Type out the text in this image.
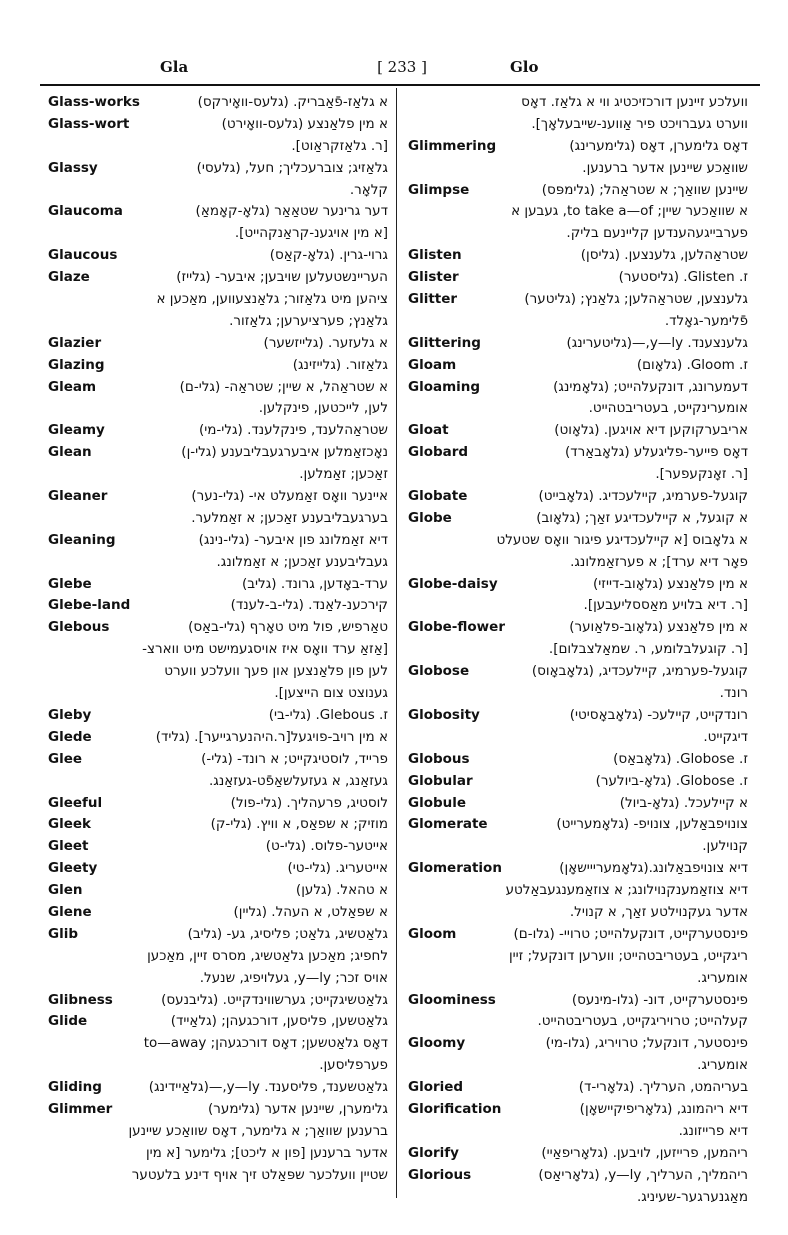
Gla	[ 233 ]	Glo
Glass-works	א גלאַז-פֿאַבריק. (גלעס-וואָירקס)
Glass-wort	א מין פלאַנצע (גלעס-וואָירט)
[ר. גלאַזקראַוט].
Glassy	גלאַזיג; צוברעכליך; חעל, (גלעסי)
קלאָר.
Glaucoma	דער גרינער שטאַאַר (גלאָ-קאָמאַ)
[א מין אויגענ-קראַנקהייט].
Glaucous	גרוי-גרין. (גלאָ-קאַס)
Glaze	העריינשטעלען שויבען; איבער- (גלייז)
ציהען מיט גלאַזור; גלאַנצעווען, מאַכען א
גלאַנץ; פערציערען; גלאַזור.
Glazier	א גלעזער. (גלייזשער)
Glazing	גלאַזור. (גלייזינג)
Gleam	א שטראַהל, א שיין; שטראַה- (גלי-ם)
לען, לייכטען, פינקלען.
Gleamy	שטראַהלענד, פינקלענד. (גלי-מי)
Glean	נאָכזאַמלען איבערגעבליבענע (גלי-ן)
זאַכען; זאַמלען.
Gleaner	איינער וואָס זאַמעלט אי- (גלי-נער)
בערגעבליבענע זאַכען; א זאַמלער.
Gleaning	דיא זאַמלונג פון איבער- (גלי-נינג)
געבליבענע זאַכען; א זאַמלונג.
Glebe	ערד-באָדען, גרונד. (גליב)
Glebe-land	קירכענ-לאַנד. (גלי-ב-לענד)
Glebous	טאַרפיש, פול מיט טאָרף (גלי-באַס)
[אַזאַ ערד וואָס איז אויסגעמישט מיט ווארצ-
לען פון פלאַנצען און פעך וועלכע ווערט
גענוצט צום הייצען].
Gleby	ז. Glebous. (גלי-בי)
Glede	א מין רויב-פויגעל[ר.היהנערגייער]. (גליד)
Glee	פרייד, לוסטיגקייט; א רונד- (גלי-)
געזאַנג, א געזעלשאַפֿט-געזאַנג.
Gleeful	לוסטיג, פרעהליך. (גלי-פול)
Gleek	מוזיק; א שפאַס, א וויץ. (גלי-ק)
Gleet	אייטער-פלוס. (גלי-ט)
Gleety	אייטעריג. (גלי-טי)
Glen	א טהאל. (גלען)
Glene	א שפּאַלט, א העהל. (גליין)
Glib	גלאַטשיג, גלאַט; פליסיג, גע- (גליב)
לחפיג; מאַכען גלאַטשיג, מסרס זיין, מאַכען
אויס זכר; y—ly, געלויפיג, שנעל.
Glibness	גלאַטשיגקייט; גערשווינדקייט. (גליבנעס)
Glide	גלאַטשען, פליסען, דורכגעהן; (גלאַייד)
דאָס גלאַטשען; דאָס דורכגעהן; to—away
פערפליסען.
Gliding	גלאַטשענד, פליסענד. y—ly,—(גלאַיידינג)
Glimmer	גלימערן, שיינען אדער (גלימער)
ברענען שוואַך; א גלימער, דאָס שוואַכע שיינען
אדער ברענען [פון א ליכט]; גלימער [א מין
שטיין וועלכער שפּאַלט זיך אויף דינע בלעטער
וועלכע זיינען דורכזיכטיג ווי א גלאַז. דאָס
ווערט געברויכט פיר אַווענ-שייבעלאָך].
Glimmering	דאָס גלימערן, דאָס (גלימערינג)
שוואַכע שיינען אדער ברענען.
Glimpse	שיינען שוואַך; א שטראַהל; (גלימפּס)
א שוואַכער שיין; to take a—of, געבען א
פערבייגעהענדען קליינעם בליק.
Glisten	שטראַהלען, גלענצען. (גליסן)
Glister	ז. Glisten. (גליסטער)
Glitter	גלענצען, שטראַהלען; גלאַנץ; (גליטער)
פֿלימער-גאָלד.
Glittering	גלענצענד. y—ly,—(גליטערינג)
Gloam	ז. Gloom. (גלאָום)
Gloaming	דעמערונג, דונקעלהייט; (גלאָמינג)
אומערינקייט, בעטריבטהייט.
Gloat	אריבערקוקען דיא אויגען. (גלאָוט)
Globard	דאָס פייער-פליגעלע (גלאָבאַרד)
[ר. זאָנקעפער].
Globate	קוגעל-פערמיג, קיילעכדיג. (גלאָבייט)
Globe	א קוגעל, א קיילעכדיגע זאַך; (גלאָוב)
א גלאָבוס [א קיילעכדיגע פיגור וואָס שטעלט
פאָר דיא ערד]; א פערזאַמלונג.
Globe-daisy	א מין פלאַנצע (גלאָוב-דייזי)
[ר. דיא בלויע מאַססליעבען].
Globe-flower	א מין פלאַנצע (גלאָוב-פלאַוער)
[ר. קוגעלבלומע, ר. שמאַלצבלום].
Globose	קוגעל-פערמיג, קיילעכדיג, (גלאָבאָוס)
רונד.
Globosity	רונדקייט, קיילעכ- (גלאָבאָסיטי)
דיגקייט.
Globous	ז. Globose. (גלאָבאַס)
Globular	ז. Globose. (גלאָ-ביולער)
Globule	א קיילעכל. (גלאָ-ביול)
Glomerate	צונויפבאַלען, צונויפ- (גלאָמערייט)
קנוילען.
Glomeration	דיא צונויפבאַלונג.(גלאָמערייישאָן)
דיא צוזאַמענקנוילונג; א צוזאַמענגעבאַלטע
אדער געקנוילטע זאַך, א קנויל.
Gloom	פינסטערקייט, דונקעלהייט; טרויי- (גלו-ם)
ריגקייט, בעטריבטהייט; ווערען דונקעל; זיין
אומעריג.
Gloominess	פינסטערקייט, דונ- (גלו-מינעס)
קעלהייט; טרויריגקייט, בעטריבטהייט.
Gloomy	פינסטער, דונקעל; טרויריג, (גלו-מי)
אומעריג.
Gloried	בעריהמט, הערליך. (גלאָרי-ד)
Glorification	דיא ריהמונג, (גלאָריפיקיישאָן)
דיא פרייזונג.
Glorify	ריהמען, פרייזען, לויבען. (גלאָריפאַיי)
Glorious	ריהמליך, הערליך, y—ly, (גלאָריאַס)
מאַגנערגער-שעיניג.
